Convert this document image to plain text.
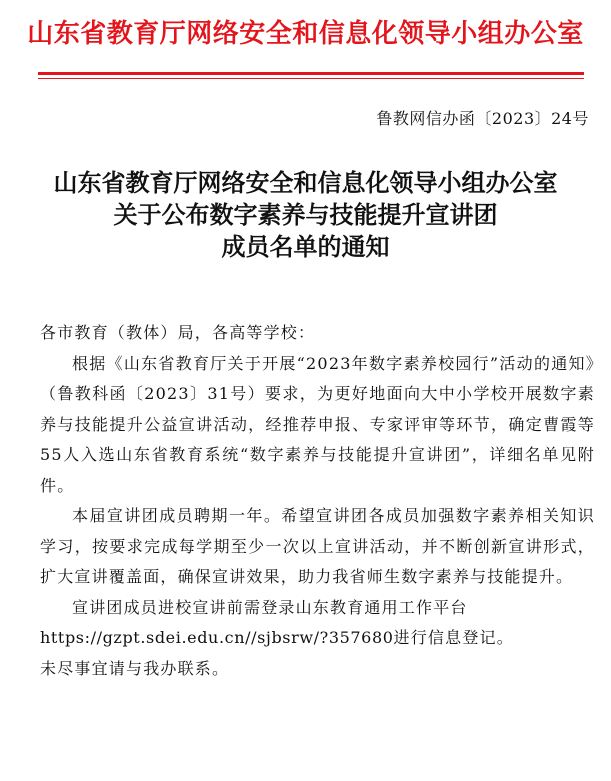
山东省教育厅网络安全和信息化领导小组办公室
鲁教网信办函〔2023〕24号
山东省教育厅网络安全和信息化领导小组办公室
关于公布数字素养与技能提升宣讲团
成员名单的通知

各市教育（教体）局，各高等学校：

根据《山东省教育厅关于开展“2023年数字素养校园行”活动的通知》（鲁教科函〔2023〕31号）要求，为更好地面向大中小学校开展数字素养与技能提升公益宣讲活动，经推荐申报、专家评审等环节，确定曹霞等55人入选山东省教育系统“数字素养与技能提升宣讲团”，详细名单见附件。

本届宣讲团成员聘期一年。希望宣讲团各成员加强数字素养相关知识学习，按要求完成每学期至少一次以上宣讲活动，并不断创新宣讲形式，扩大宣讲覆盖面，确保宣讲效果，助力我省师生数字素养与技能提升。

宣讲团成员进校宣讲前需登录山东教育通用工作平台

https://gzpt.sdei.edu.cn//sjbsrw/?357680进行信息登记。

未尽事宜请与我办联系。
